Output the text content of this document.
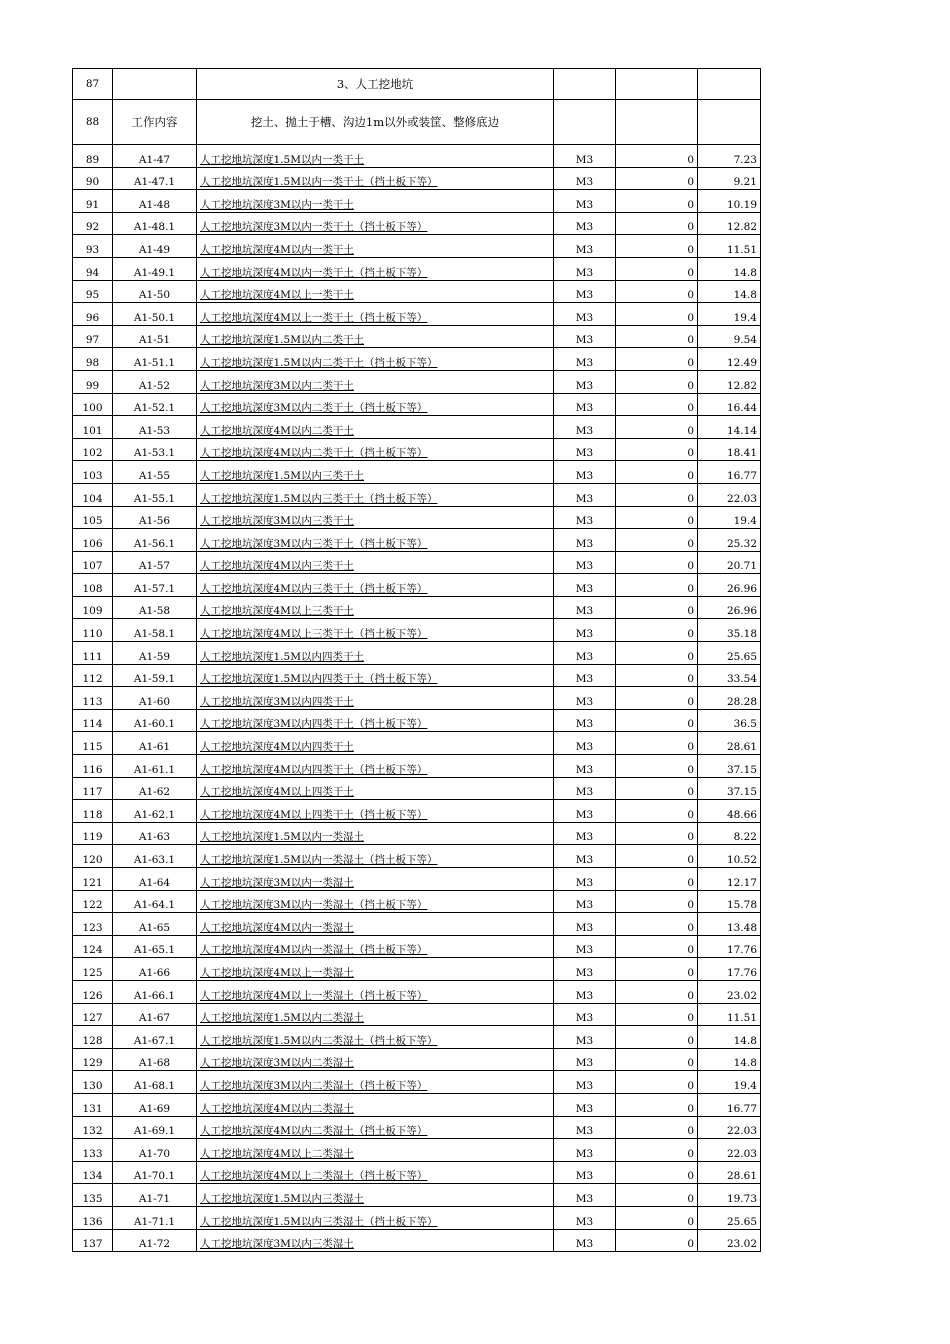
87		3、人工挖地坑			
88	工作内容	挖土、抛土于槽、沟边1m以外或装筐、整修底边			
89	A1-47	人工挖地坑深度1.5M以内一类干土	M3	0	7.23
90	A1-47.1	人工挖地坑深度1.5M以内一类干土（挡土板下等）	M3	0	9.21
91	A1-48	人工挖地坑深度3M以内一类干土	M3	0	10.19
92	A1-48.1	人工挖地坑深度3M以内一类干土（挡土板下等）	M3	0	12.82
93	A1-49	人工挖地坑深度4M以内一类干土	M3	0	11.51
94	A1-49.1	人工挖地坑深度4M以内一类干土（挡土板下等）	M3	0	14.8
95	A1-50	人工挖地坑深度4M以上一类干土	M3	0	14.8
96	A1-50.1	人工挖地坑深度4M以上一类干土（挡土板下等）	M3	0	19.4
97	A1-51	人工挖地坑深度1.5M以内二类干土	M3	0	9.54
98	A1-51.1	人工挖地坑深度1.5M以内二类干土（挡土板下等）	M3	0	12.49
99	A1-52	人工挖地坑深度3M以内二类干土	M3	0	12.82
100	A1-52.1	人工挖地坑深度3M以内二类干土（挡土板下等）	M3	0	16.44
101	A1-53	人工挖地坑深度4M以内二类干土	M3	0	14.14
102	A1-53.1	人工挖地坑深度4M以内二类干土（挡土板下等）	M3	0	18.41
103	A1-55	人工挖地坑深度1.5M以内三类干土	M3	0	16.77
104	A1-55.1	人工挖地坑深度1.5M以内三类干土（挡土板下等）	M3	0	22.03
105	A1-56	人工挖地坑深度3M以内三类干土	M3	0	19.4
106	A1-56.1	人工挖地坑深度3M以内三类干土（挡土板下等）	M3	0	25.32
107	A1-57	人工挖地坑深度4M以内三类干土	M3	0	20.71
108	A1-57.1	人工挖地坑深度4M以内三类干土（挡土板下等）	M3	0	26.96
109	A1-58	人工挖地坑深度4M以上三类干土	M3	0	26.96
110	A1-58.1	人工挖地坑深度4M以上三类干土（挡土板下等）	M3	0	35.18
111	A1-59	人工挖地坑深度1.5M以内四类干土	M3	0	25.65
112	A1-59.1	人工挖地坑深度1.5M以内四类干土（挡土板下等）	M3	0	33.54
113	A1-60	人工挖地坑深度3M以内四类干土	M3	0	28.28
114	A1-60.1	人工挖地坑深度3M以内四类干土（挡土板下等）	M3	0	36.5
115	A1-61	人工挖地坑深度4M以内四类干土	M3	0	28.61
116	A1-61.1	人工挖地坑深度4M以内四类干土（挡土板下等）	M3	0	37.15
117	A1-62	人工挖地坑深度4M以上四类干土	M3	0	37.15
118	A1-62.1	人工挖地坑深度4M以上四类干土（挡土板下等）	M3	0	48.66
119	A1-63	人工挖地坑深度1.5M以内一类湿土	M3	0	8.22
120	A1-63.1	人工挖地坑深度1.5M以内一类湿土（挡土板下等）	M3	0	10.52
121	A1-64	人工挖地坑深度3M以内一类湿土	M3	0	12.17
122	A1-64.1	人工挖地坑深度3M以内一类湿土（挡土板下等）	M3	0	15.78
123	A1-65	人工挖地坑深度4M以内一类湿土	M3	0	13.48
124	A1-65.1	人工挖地坑深度4M以内一类湿土（挡土板下等）	M3	0	17.76
125	A1-66	人工挖地坑深度4M以上一类湿土	M3	0	17.76
126	A1-66.1	人工挖地坑深度4M以上一类湿土（挡土板下等）	M3	0	23.02
127	A1-67	人工挖地坑深度1.5M以内二类湿土	M3	0	11.51
128	A1-67.1	人工挖地坑深度1.5M以内二类湿土（挡土板下等）	M3	0	14.8
129	A1-68	人工挖地坑深度3M以内二类湿土	M3	0	14.8
130	A1-68.1	人工挖地坑深度3M以内二类湿土（挡土板下等）	M3	0	19.4
131	A1-69	人工挖地坑深度4M以内二类湿土	M3	0	16.77
132	A1-69.1	人工挖地坑深度4M以内二类湿土（挡土板下等）	M3	0	22.03
133	A1-70	人工挖地坑深度4M以上二类湿土	M3	0	22.03
134	A1-70.1	人工挖地坑深度4M以上二类湿土（挡土板下等）	M3	0	28.61
135	A1-71	人工挖地坑深度1.5M以内三类湿土	M3	0	19.73
136	A1-71.1	人工挖地坑深度1.5M以内三类湿土（挡土板下等）	M3	0	25.65
137	A1-72	人工挖地坑深度3M以内三类湿土	M3	0	23.02
